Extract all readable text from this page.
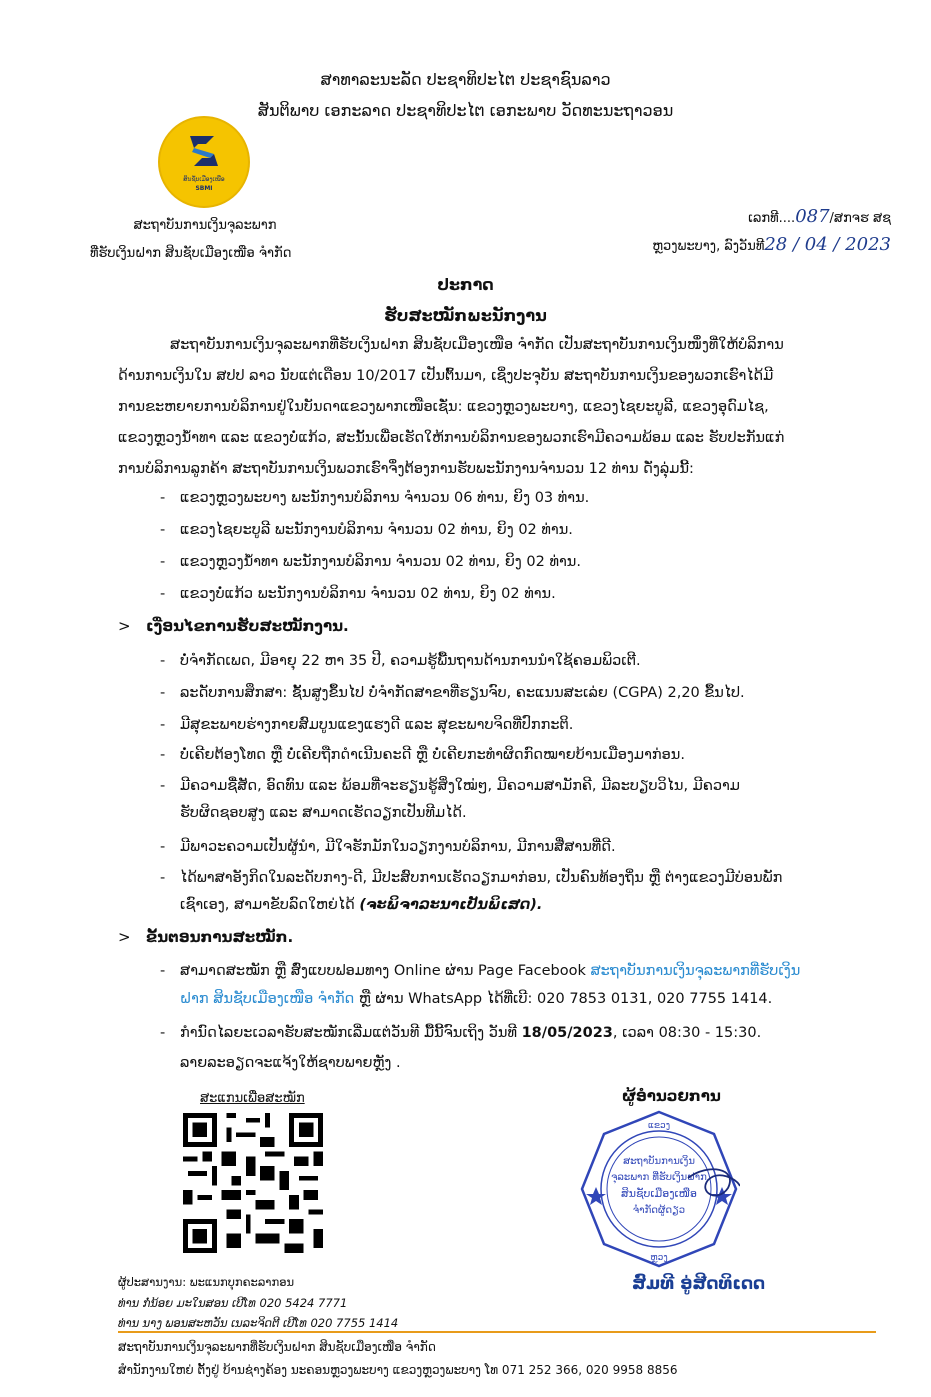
ສາທາລະນະລັດ ປະຊາທິປະໄຕ ປະຊາຊົນລາວ
ສັນຕິພາບ ເອກະລາດ ປະຊາທິປະໄຕ ເອກະພາບ ວັດທະນະຖາວອນ
ສິນຊັບເມືອງເໜືອ
SBMI
ສະຖາບັນການເງິນຈຸລະພາກ
ທີ່ຮັບເງິນຝາກ ສິນຊັບເມືອງເໜືອ ຈຳກັດ
ເລກທີ....087/ສກຈຮ ສຊ
ຫຼວງພະບາງ, ລົງວັນທີ28 / 04 / 2023
ປະກາດ
ຮັບສະໝັກພະນັກງານ
ສະຖາບັນການເງິນຈຸລະພາກທີ່ຮັບເງິນຝາກ ສິນຊັບເມືອງເໜືອ ຈຳກັດ ເປັນສະຖາບັນການເງິນໜຶ່ງທີ່ໃຫ້ບໍລິການ
ດ້ານການເງິນໃນ ສປປ ລາວ ນັບແຕ່ເດືອນ 10/2017 ເປັນຕົ້ນມາ, ເຊິ່ງປະຈຸບັນ ສະຖາບັນການເງິນຂອງພວກເຮົາໄດ້ມີ
ການຂະຫຍາຍການບໍລິການຢູ່ໃນບັນດາແຂວງພາກເໜືອເຊັ່ນ: ແຂວງຫຼວງພະບາງ, ແຂວງໄຊຍະບູລີ, ແຂວງອຸດົມໄຊ,
ແຂວງຫຼວງນ້ຳທາ ແລະ ແຂວງບໍ່ແກ້ວ, ສະນັ້ນເພື່ອເຮັດໃຫ້ການບໍລິການຂອງພວກເຮົາມີຄວາມພ້ອມ ແລະ ຮັບປະກັນແກ່
ການບໍລິການລູກຄ້າ ສະຖາບັນການເງິນພວກເຮົາຈຶ່ງຕ້ອງການຮັບພະນັກງານຈຳນວນ 12 ທ່ານ ດັ່ງລຸ່ມນີ້:
-	ແຂວງຫຼວງພະບາງ ພະນັກງານບໍລິການ ຈຳນວນ 06 ທ່ານ, ຍິງ 03 ທ່ານ.
-	ແຂວງໄຊຍະບູລີ ພະນັກງານບໍລິການ ຈຳນວນ 02 ທ່ານ, ຍິງ 02 ທ່ານ.
-	ແຂວງຫຼວງນ້ຳທາ ພະນັກງານບໍລິການ ຈຳນວນ 02 ທ່ານ, ຍິງ 02 ທ່ານ.
-	ແຂວງບໍ່ແກ້ວ ພະນັກງານບໍລິການ ຈຳນວນ 02 ທ່ານ, ຍິງ 02 ທ່ານ.
> ເງື່ອນໄຂການຮັບສະໝັກງານ.
-	ບໍ່ຈຳກັດເພດ, ມີອາຍຸ 22 ຫາ 35 ປີ, ຄວາມຮູ້ພື້ນຖານດ້ານການນຳໃຊ້ຄອມພິວເຕີ.
-	ລະດັບການສຶກສາ: ຊັ້ນສູງຂຶ້ນໄປ ບໍ່ຈຳກັດສາຂາທີ່ຮຽນຈົບ, ຄະແນນສະເລ່ຍ (CGPA) 2,20 ຂຶ້ນໄປ.
-	ມີສຸຂະພາບຮ່າງກາຍສົມບູນແຂງແຮງດີ ແລະ ສຸຂະພາບຈິດທີ່ປົກກະຕິ.
-	ບໍ່ເຄີຍຕ້ອງໂທດ ຫຼື ບໍ່ເຄີຍຖືກດຳເນີນຄະດີ ຫຼື ບໍ່ເຄີຍກະທຳຜິດກົດໝາຍບ້ານເມືອງມາກ່ອນ.
-	ມີຄວາມຊື່ສັດ, ອົດທົນ ແລະ ພ້ອມທີ່ຈະຮຽນຮູ້ສິ່ງໃໝ່ໆ, ມີຄວາມສາມັກຄີ, ມີລະບຽບວິໄນ, ມີຄວາມ
ຮັບຜິດຊອບສູງ ແລະ ສາມາດເຮັດວຽກເປັນທີມໄດ້.
-	ມີພາວະຄວາມເປັນຜູ້ນຳ, ມີໃຈຮັກມັກໃນວຽກງານບໍລິການ, ມີການສື່ສານທີ່ດີ.
-	ໄດ້ພາສາອັງກິດໃນລະດັບກາງ-ດີ, ມີປະສົບການເຮັດວຽກມາກ່ອນ, ເປັນຄົນທ້ອງຖິ່ນ ຫຼື ຕ່າງແຂວງມີບ່ອນພັກ
ເຊົາເອງ, ສາມາຂັບລົດໃຫຍ່ໄດ້ (ຈະພິຈາລະນາເປັນພິເສດ).
> ຂັ້ນຕອນການສະໝັກ.
-	ສາມາດສະໝັກ ຫຼື ສົ່ງແບບຟອມທາງ Online ຜ່ານ Page Facebook ສະຖາບັນການເງິນຈຸລະພາກທີ່ຮັບເງິນ
ຝາກ ສິນຊັບເມືອງເໜືອ ຈຳກັດ ຫຼື ຜ່ານ WhatsApp ໄດ້ທີ່ເບີ: 020 7853 0131, 020 7755 1414.
-	ກຳນົດໄລຍະເວລາຮັບສະໝັກເລີ່ມແຕ່ວັນທີ ມື້ນີ້ຈົນເຖິງ ວັນທີ 18/05/2023, ເວລາ 08:30 - 15:30.
ລາຍລະອຽດຈະແຈ້ງໃຫ້ຊາບພາຍຫຼັງ .
ສະແກນເພື່ອສະໝັກ	ຜູ້ອຳນວຍການ
ແຂວງ
ສະຖາບັນການເງິນ
ຈຸລະພາກ ທີ່ຮັບເງິນຝາກ
ສິນຊັບເມືອງເໜືອ
ຈຳກັດຜູ້ດຽວ
ຫຼວງ
ສົມທີ ອູ່ສີດທິເດດ
ຜູ້ປະສານງານ: ພະແນກບຸກຄະລາກອນ
ທ່ານ ກໍ່ນ້ອຍ ມະໃນສອນ ເບີໂທ 020 5424 7771
ທ່ານ ນາງ ພອນສະຫວັນ ເນລະຈິດຕີ ເບີໂທ 020 7755 1414
ສະຖາບັນການເງິນຈຸລະພາກທີ່ຮັບເງິນຝາກ ສິນຊັບເມືອງເໜືອ ຈຳກັດ
ສຳນັກງານໃຫຍ່ ຕັ້ງຢູ່ ບ້ານຊ່າງຄ້ອງ ນະຄອນຫຼວງພະບາງ ແຂວງຫຼວງພະບາງ ໂທ 071 252 366, 020 9958 8856
